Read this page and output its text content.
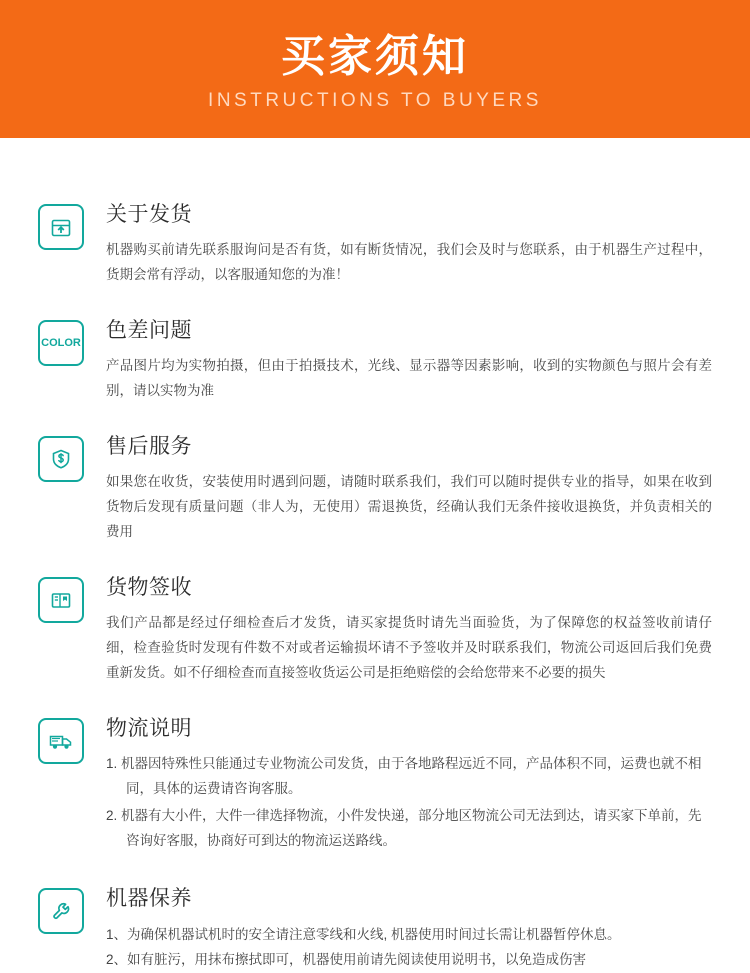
买家须知
INSTRUCTIONS TO BUYERS
关于发货

机器购买前请先联系服询问是否有货，如有断货情况，我们会及时与您联系，由于机器生产过程中，货期会常有浮动，以客服通知您的为准！

COLOR
色差问题

产品图片均为实物拍摄，但由于拍摄技术，光线、显示器等因素影响，收到的实物颜色与照片会有差别，请以实物为准

售后服务

如果您在收货，安装使用时遇到问题，请随时联系我们，我们可以随时提供专业的指导，如果在收到货物后发现有质量问题（非人为，无使用）需退换货，经确认我们无条件接收退换货，并负责相关的费用

货物签收

我们产品都是经过仔细检查后才发货，请买家提货时请先当面验货，为了保障您的权益签收前请仔细，检查验货时发现有件数不对或者运输损坏请不予签收并及时联系我们，物流公司返回后我们免费重新发货。如不仔细检查而直接签收货运公司是拒绝赔偿的会给您带来不必要的损失

物流说明
1. 机器因特殊性只能通过专业物流公司发货，由于各地路程远近不同，产品体积不同，运费也就不相同，具体的运费请咨询客服。
2. 机器有大小件，大件一律选择物流，小件发快递，部分地区物流公司无法到达，请买家下单前，先咨询好客服，协商好可到达的物流运送路线。
机器保养

1、为确保机器试机时的安全请注意零线和火线, 机器使用时间过长需让机器暂停休息。

2、如有脏污，用抹布擦拭即可，机器使用前请先阅读使用说明书，以免造成伤害
